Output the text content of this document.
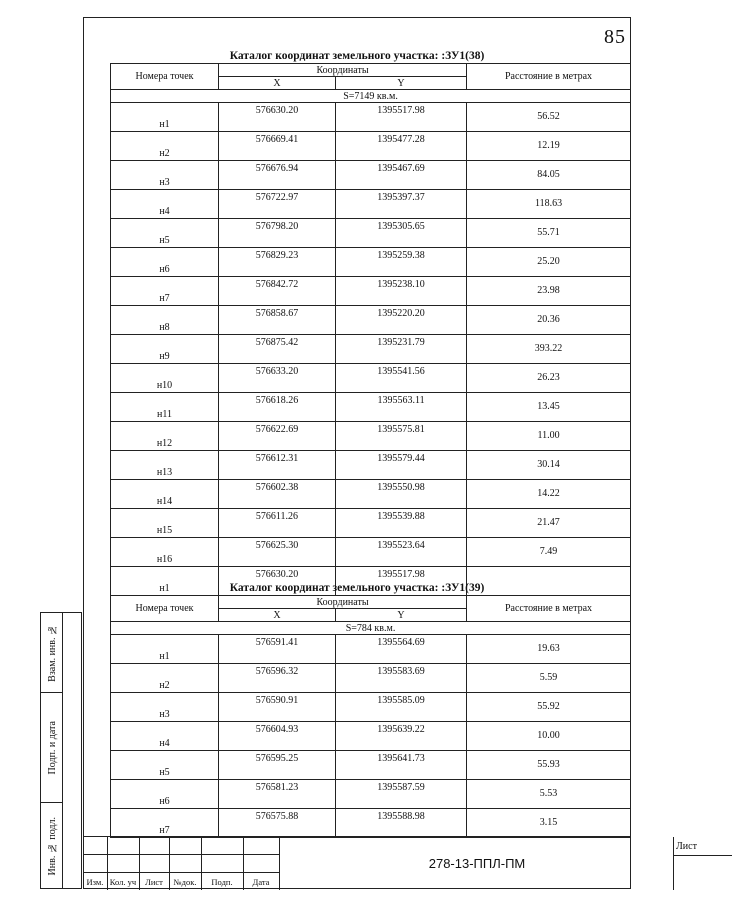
85
Каталог координат земельного участка: :ЗУ1(38)
Номера точек	Координаты		Расстояние в метрах
	X	Y	
S=7149 кв.м.			
н1	576630.20	1395517.98	56.52
н2	576669.41	1395477.28	12.19
н3	576676.94	1395467.69	84.05
н4	576722.97	1395397.37	118.63
н5	576798.20	1395305.65	55.71
н6	576829.23	1395259.38	25.20
н7	576842.72	1395238.10	23.98
н8	576858.67	1395220.20	20.36
н9	576875.42	1395231.79	393.22
н10	576633.20	1395541.56	26.23
н11	576618.26	1395563.11	13.45
н12	576622.69	1395575.81	11.00
н13	576612.31	1395579.44	30.14
н14	576602.38	1395550.98	14.22
н15	576611.26	1395539.88	21.47
н16	576625.30	1395523.64	7.49
н1	576630.20	1395517.98	
Каталог координат земельного участка: :ЗУ1(39)
Номера точек	Координаты		Расстояние в метрах
	X	Y	
S=784 кв.м.			
н1	576591.41	1395564.69	19.63
н2	576596.32	1395583.69	5.59
н3	576590.91	1395585.09	55.92
н4	576604.93	1395639.22	10.00
н5	576595.25	1395641.73	55.93
н6	576581.23	1395587.59	5.53
н7	576575.88	1395588.98	3.15
Взам. инв. №
Подп. и дата
Инв. № подл.
Изм. Кол. уч	Лист	№док.	Подп.	Дата
278-13-ППЛ-ПМ
Лист
